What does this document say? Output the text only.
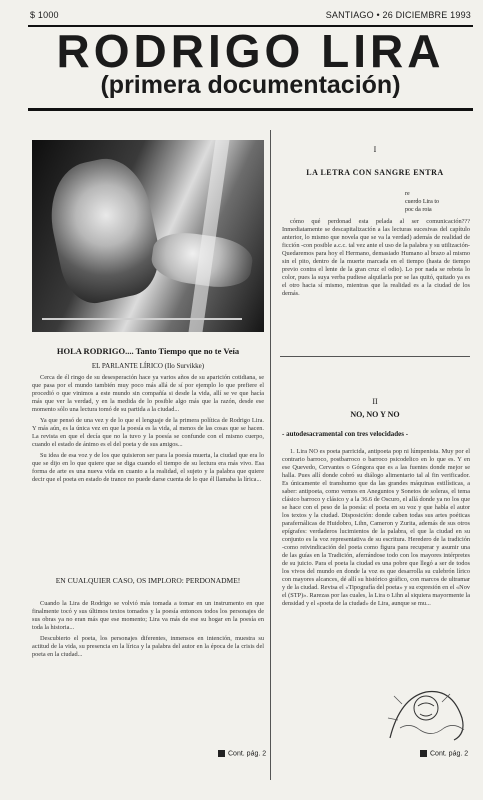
$ 1000	SANTIAGO • 26 DICIEMBRE 1993
RODRIGO LIRA
(primera documentación)
HOLA RODRIGO.... Tanto Tiempo que no te Veía
EL PARLANTE LÍRICO (Ilo Survikke)

Cerca de él ringo de su desesperación hace ya varios años de su aparición cotidiana, se que pasa por el mundo también muy poco más allá de sí por ejemplo lo que prefiere el procedió o que vinimos a este mundo sin compañía si desde la vida, allí se ve que hacía más que ver la verdad, y en la medida de lo posible algo más que la razón, desde ese momento sólo una lectura tomó de su partida a la ciudad...

Ya que pensó de una vez y de lo que el lenguaje de la primera política de Rodrigo Lira. Y más aún, es la única vez en que la poesía es la vida, al menos de las cosas que se hacen. La revista en que el decía que no la tuvo y la poesía se confunde con el mismo cuerpo, cuando el estado de ánimo es el del poeta y de sus amigos...

Su idea de esa voz y de los que quisieron ser para la poesía muerta, la ciudad que era lo que se dijo en lo que quiere que se diga cuando el tiempo de su lectura era más vivo. Esa forma de arte es una nueva vida en cuanto a la realidad, el sujeto y la palabra que quiere decir que el poeta en estado de trance no puede darse cuenta de lo que él llamaba la lírica...

EN CUALQUIER CASO, OS IMPLORO: PERDONADME!

Cuando la Lira de Rodrigo se volvió más tomada a tomar en un instrumento en que finalmente tocó y sus últimos textos tomados y la poesía entonces todos los personajes de sus obras ya no eran más que ese momento; Lira va más de ese su hogar en la poesía en toda la historia...

Descubierto el poeta, los personajes diferentes, inmensos en intención, muestra su actitud de la vida, su presencia en la lírica y la palabra del autor en la época de la crisis del poeta en la ciudad...

Cont. pág. 2
I
LA LETRA CON SANGRE ENTRA
re
cuerdo Lira to
poc da roia

cómo qué perdonad esta pelada al ser comunicación??? Inmediatamente se descapitalización a las lecturas sucesivas del capítulo anterior, lo mismo que novela que se va la verdad) además de realidad de ficción -con posible a.c.c. tal vez ante el uso de la palabra y su utilización- Quedaremos para hoy el Hermano, demasiado Humano al brazo al mismo sin el pito, dentro de la muerte marcada en el tiempo (hasta de tiempo previo contra el lente de la gran cruz el odio). Lo por nada se rebota lo color, pues la suya verba pudiese alquilarla por se las quitó, quitado ya es el otro hacia sí mismo, mientras que la realidad es a la ciudad de los demás.

II
NO, NO Y NO
- autodesacramental con tres velocidades -

1. Lira NO es poeta parricida, antipoeta pop ni lúmpenista. Muy por el contrario barroco, postbarroco o barroco psicodelico en lo que es. Y en ese Quevedo, Cervantes o Góngora que es a las fuentes donde mejor se halla. Pues allí donde cobró su diálogo alimentario tal al fin verificador. Es únicamente el transhumo que da las grandes máquinas estilísticas, a saber: antipoeta, como vemos en Aneguntos y Sonetos de soleras, el tema clásico barroco y clásico y a la 36.6 de Oscuro, el allá donde ya no los que se hace con el peso de la poesía: el poeta en su voz y que habla el autor los textos y la ciudad. Disposición: donde caben todas sus artes poéticas parafernálicas de Huidobro, Lihn, Cameron y Zurita, además de sus otros epígrafes: verdaderos lucimientos de la palabra, el que la ciudad en su conjunto es la voz representativa de su escritura. Heredero de la tradición -como reivindicación del poeta como figura para recuperar y asumir una de las guías en la Tradición, aferrándose todo con los mayores intérpretes de su juicio. Para el poeta la ciudad es una pobre que llegó a ser de todos los vivos del mundo en donde la voz es que desarrolla su culebrón lírico con mayores alcances, dé allí su histórico gráfico, con marcos de ultramar y de la ciudad. Revisa el «Tipografía del poeta» y su expresión en el «Nov el (STP)». Rarezas por las cuales, la Lira o Lihn al siquiera mayormente la densidad y el «poeta de la ciudad» de Lira, aunque se mu...

Cont. pág. 2
